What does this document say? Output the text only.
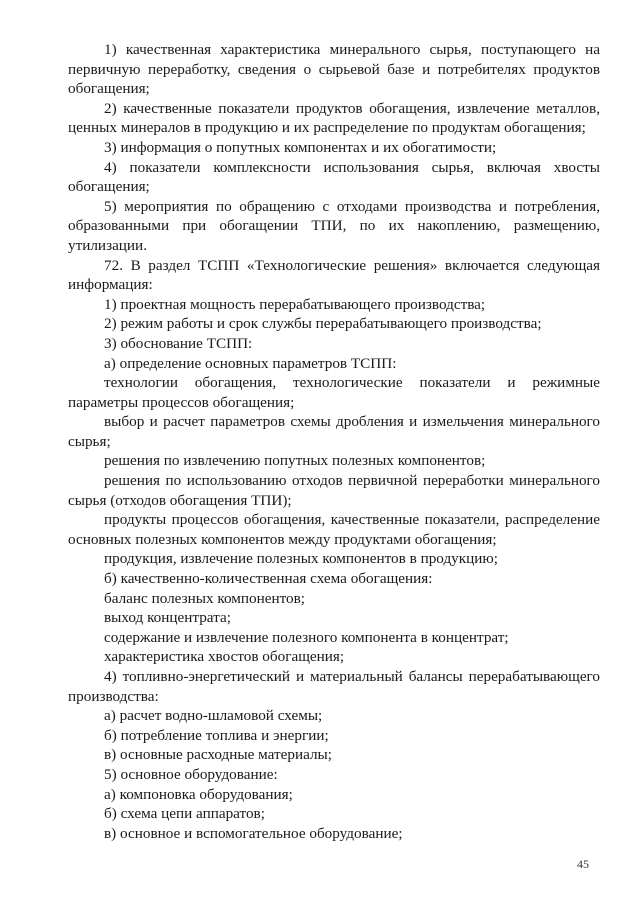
1) качественная характеристика минерального сырья, поступающего на первичную переработку, сведения о сырьевой базе и потребителях продуктов обогащения;

2) качественные показатели продуктов обогащения, извлечение металлов, ценных минералов в продукцию и их распределение по продуктам обогащения;

3) информация о попутных компонентах и их обогатимости;

4) показатели комплексности использования сырья, включая хвосты обогащения;

5) мероприятия по обращению с отходами производства и потребления, образованными при обогащении ТПИ, по их накоплению, размещению, утилизации.

72. В раздел ТСПП «Технологические решения» включается следующая информация:

1) проектная мощность перерабатывающего производства;

2) режим работы и срок службы перерабатывающего производства;

3) обоснование ТСПП:

а) определение основных параметров ТСПП:

технологии обогащения, технологические показатели и режимные параметры процессов обогащения;

выбор и расчет параметров схемы дробления и измельчения минерального сырья;

решения по извлечению попутных полезных компонентов;

решения по использованию отходов первичной переработки минерального сырья (отходов обогащения ТПИ);

продукты процессов обогащения, качественные показатели, распределение основных полезных компонентов между продуктами обогащения;

продукция, извлечение полезных компонентов в продукцию;

б) качественно-количественная схема обогащения:

баланс полезных компонентов;

выход концентрата;

содержание и извлечение полезного компонента в концентрат;

характеристика хвостов обогащения;

4) топливно-энергетический и материальный балансы перерабатывающего производства:

а) расчет водно-шламовой схемы;

б) потребление топлива и энергии;

в) основные расходные материалы;

5) основное оборудование:

а) компоновка оборудования;

б) схема цепи аппаратов;

в) основное и вспомогательное оборудование;

45
